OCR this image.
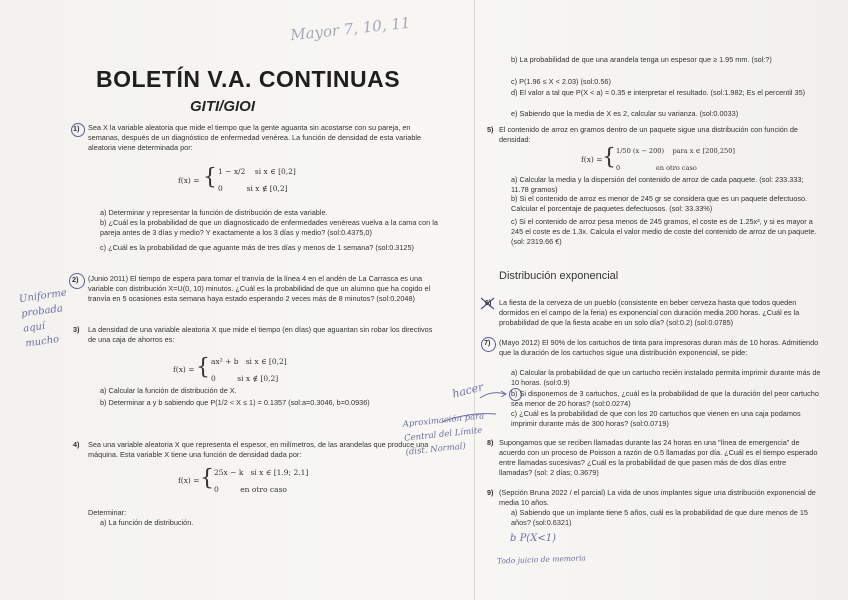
Mayor 7, 10, 11
BOLETÍN V.A. CONTINUAS
GITI/GIOI
1) Sea X la variable aleatoria que mide el tiempo que la gente aguanta sin acostarse con su pareja, en semanas, después de un diagnóstico de enfermedad venérea. La función de densidad de esta variable aleatoria viene determinada por:
f(x) = { 1 − x/2    si x ∈ [0,2]
0          si x ∉ [0,2]
a) Determinar y representar la función de distribución de esta variable.
b) ¿Cuál es la probabilidad de que un diagnosticado de enfermedades venéreas vuelva a la cama con la pareja antes de 3 días y medio? Y exactamente a los 3 días y medio? (sol:0.4375,0)
c) ¿Cuál es la probabilidad de que aguante más de tres días y menos de 1 semana? (sol:0.3125)
2) (Junio 2011) El tiempo de espera para tomar el tranvía de la línea 4 en el andén de La Carrasca es una variable con distribución X=U(0, 10) minutos. ¿Cuál es la probabilidad de que un alumno que ha cogido el tranvía en 5 ocasiones esta semana haya estado esperando 2 veces más de 8 minutos? (sol:0.2048)
Uniforme probada aquí mucho
3) La densidad de una variable aleatoria X que mide el tiempo (en días) que aguantan sin robar los directivos de una caja de ahorros es:
f(x) = { ax² + b   si x ∈ [0,2]
0         si x ∉ [0,2]
a) Calcular la función de distribución de X.
b) Determinar a y b sabiendo que P(1/2 < X ≤ 1) = 0.1357 (sol:a=0.3046, b=0.0936)
4) Sea una variable aleatoria X que representa el espesor, en milímetros, de las arandelas que produce una máquina. Esta variable X tiene una función de densidad dada por:
f(x) = { 25x − k   si x ∈ [1.9; 2.1]
0         en otro caso
Determinar:
a) La función de distribución.
b) La probabilidad de que una arandela tenga un espesor que ≥ 1.95 mm. (sol:?)
c) P(1.96 ≤ X < 2.03) (sol:0.56)
d) El valor a tal que P(X < a) = 0.35 e interpretar el resultado. (sol:1.982; Es el percentil 35)
e) Sabiendo que la media de X es 2, calcular su varianza. (sol:0.0033)
5) El contenido de arroz en gramos dentro de un paquete sigue una distribución con función de densidad:
f(x) = { 1/50 (x − 200)    para x ∈ [200,250]
0                 en otro caso
a) Calcular la media y la dispersión del contenido de arroz de cada paquete. (sol: 233.333; 11.78 gramos)
b) Si el contenido de arroz es menor de 245 gr se considera que es un paquete defectuoso. Calcular el porcentaje de paquetes defectuosos. (sol: 33.33%)
c) Si el contenido de arroz pesa menos de 245 gramos, el coste es de 1.25x², y si es mayor a 245 el coste es de 1.3x. Calcula el valor medio de coste del contenido de arroz de un paquete. (sol: 2319.66 €)
Distribución exponencial
6) La fiesta de la cerveza de un pueblo (consistente en beber cerveza hasta que todos queden dormidos en el campo de la feria) es exponencial con duración media 200 horas. ¿Cuál es la probabilidad de que la fiesta acabe en un solo día? (sol:0.2) (sol:0.0785)
7) (Mayo 2012) El 90% de los cartuchos de tinta para impresoras duran más de 10 horas. Admitiendo que la duración de los cartuchos sigue una distribución exponencial, se pide:
a) Calcular la probabilidad de que un cartucho recién instalado permita imprimir durante más de 10 horas. (sol:0.9)
b) Si disponemos de 3 cartuchos, ¿cuál es la probabilidad de que la duración del peor cartucho sea menor de 20 horas? (sol:0.0274)
c) ¿Cuál es la probabilidad de que con los 20 cartuchos que vienen en una caja podamos imprimir durante más de 300 horas? (sol:0.0719)
hacer
Aproximación para Central del Límite (dist. Normal)	8) Supongamos que se reciben llamadas durante las 24 horas en una "línea de emergencia" de acuerdo con un proceso de Poisson a razón de 0.5 llamadas por día. ¿Cuál es el tiempo esperado entre llamadas sucesivas? ¿Cuál es la probabilidad de que pasen más de dos días entre llamadas? (sol: 2 días; 0.3679)
9) (Sepción Bruna 2022 / el parcial) La vida de unos implantes sigue una distribución exponencial de media 10 años.
a) Sabiendo que un implante tiene 5 años, cuál es la probabilidad de que dure menos de 15 años? (sol:0.6321)
b P(X<1)
Todo juicio de memoria
